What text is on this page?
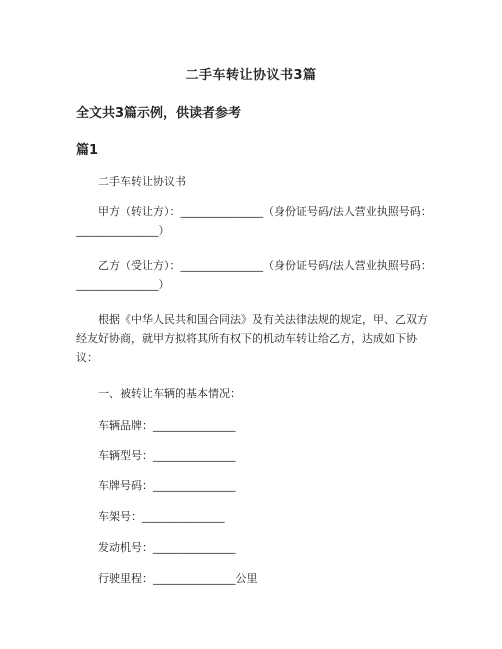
二手车转让协议书3篇
全文共3篇示例，供读者参考
篇1
二手车转让协议书
甲方（转让方）：_______________（身份证号码/法人营业执照号码：_______________）
乙方（受让方）：_______________（身份证号码/法人营业执照号码：_______________）
根据《中华人民共和国合同法》及有关法律法规的规定，甲、乙双方经友好协商，就甲方拟将其所有权下的机动车转让给乙方，达成如下协议：
一、被转让车辆的基本情况：
车辆品牌：_______________
车辆型号：_______________
车牌号码：_______________
车架号：_______________
发动机号：_______________
行驶里程：_______________公里
